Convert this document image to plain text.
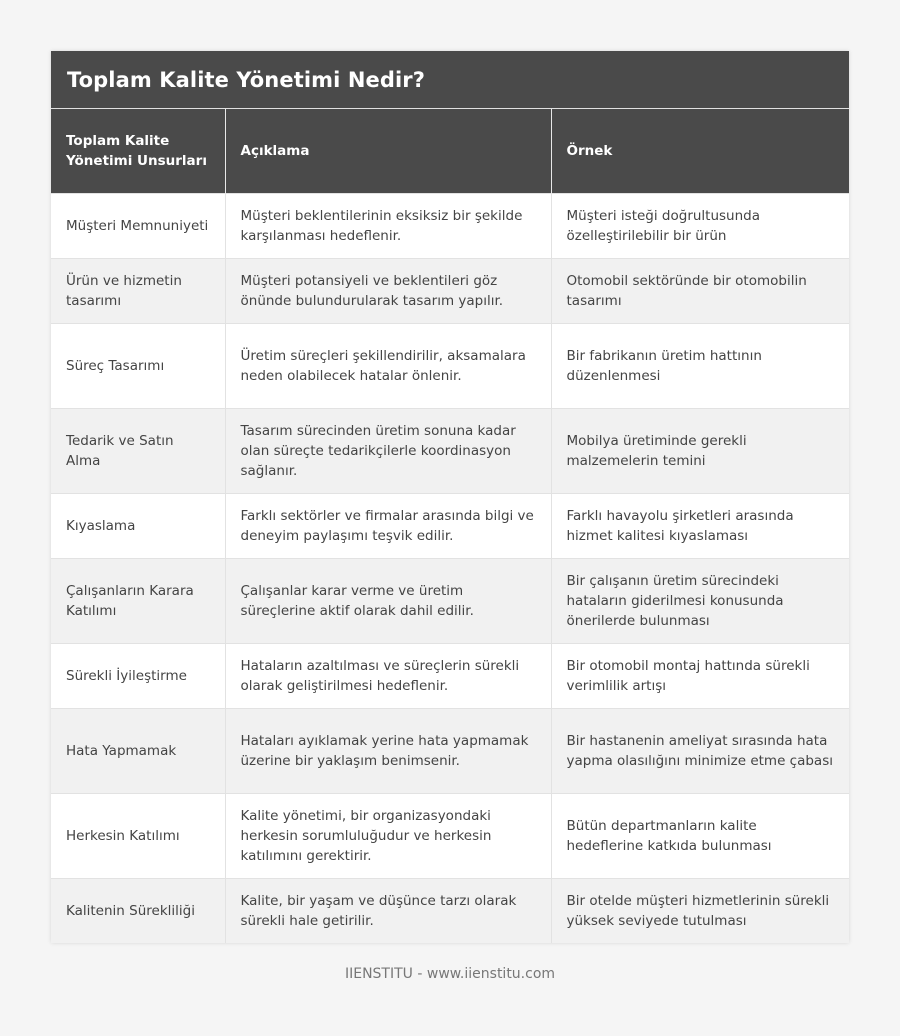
Toplam Kalite Yönetimi Nedir?
Toplam Kalite Yönetimi Unsurları	Açıklama	Örnek
Müşteri Memnuniyeti	Müşteri beklentilerinin eksiksiz bir şekilde karşılanması hedeflenir.	Müşteri isteği doğrultusunda özelleştirilebilir bir ürün
Ürün ve hizmetin tasarımı	Müşteri potansiyeli ve beklentileri göz önünde bulundurularak tasarım yapılır.	Otomobil sektöründe bir otomobilin tasarımı
Süreç Tasarımı	Üretim süreçleri şekillendirilir, aksamalara neden olabilecek hatalar önlenir.	Bir fabrikanın üretim hattının düzenlenmesi
Tedarik ve Satın Alma	Tasarım sürecinden üretim sonuna kadar olan süreçte tedarikçilerle koordinasyon sağlanır.	Mobilya üretiminde gerekli malzemelerin temini
Kıyaslama	Farklı sektörler ve firmalar arasında bilgi ve deneyim paylaşımı teşvik edilir.	Farklı havayolu şirketleri arasında hizmet kalitesi kıyaslaması
Çalışanların Karara Katılımı	Çalışanlar karar verme ve üretim süreçlerine aktif olarak dahil edilir.	Bir çalışanın üretim sürecindeki hataların giderilmesi konusunda önerilerde bulunması
Sürekli İyileştirme	Hataların azaltılması ve süreçlerin sürekli olarak geliştirilmesi hedeflenir.	Bir otomobil montaj hattında sürekli verimlilik artışı
Hata Yapmamak	Hataları ayıklamak yerine hata yapmamak üzerine bir yaklaşım benimsenir.	Bir hastanenin ameliyat sırasında hata yapma olasılığını minimize etme çabası
Herkesin Katılımı	Kalite yönetimi, bir organizasyondaki herkesin sorumluluğudur ve herkesin katılımını gerektirir.	Bütün departmanların kalite hedeflerine katkıda bulunması
Kalitenin Sürekliliği	Kalite, bir yaşam ve düşünce tarzı olarak sürekli hale getirilir.	Bir otelde müşteri hizmetlerinin sürekli yüksek seviyede tutulması
IIENSTITU - www.iienstitu.com
